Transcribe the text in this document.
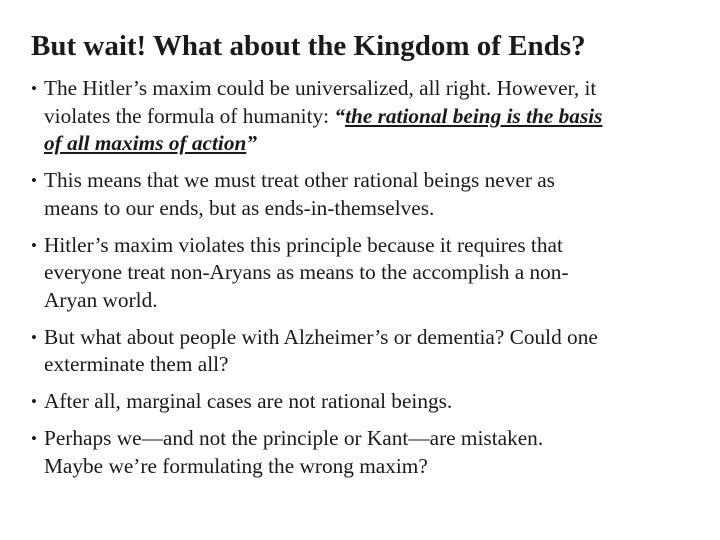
But wait! What about the Kingdom of Ends?
• The Hitler’s maxim could be universalized, all right. However, it
violates the formula of humanity: “the rational being is the basis
of all maxims of action”
• This means that we must treat other rational beings never as
means to our ends, but as ends-in-themselves.
• Hitler’s maxim violates this principle because it requires that
everyone treat non-Aryans as means to the accomplish a non-
Aryan world.
• But what about people with Alzheimer’s or dementia? Could one
exterminate them all?
• After all, marginal cases are not rational beings.
• Perhaps we—and not the principle or Kant—are mistaken.
Maybe we’re formulating the wrong maxim?
